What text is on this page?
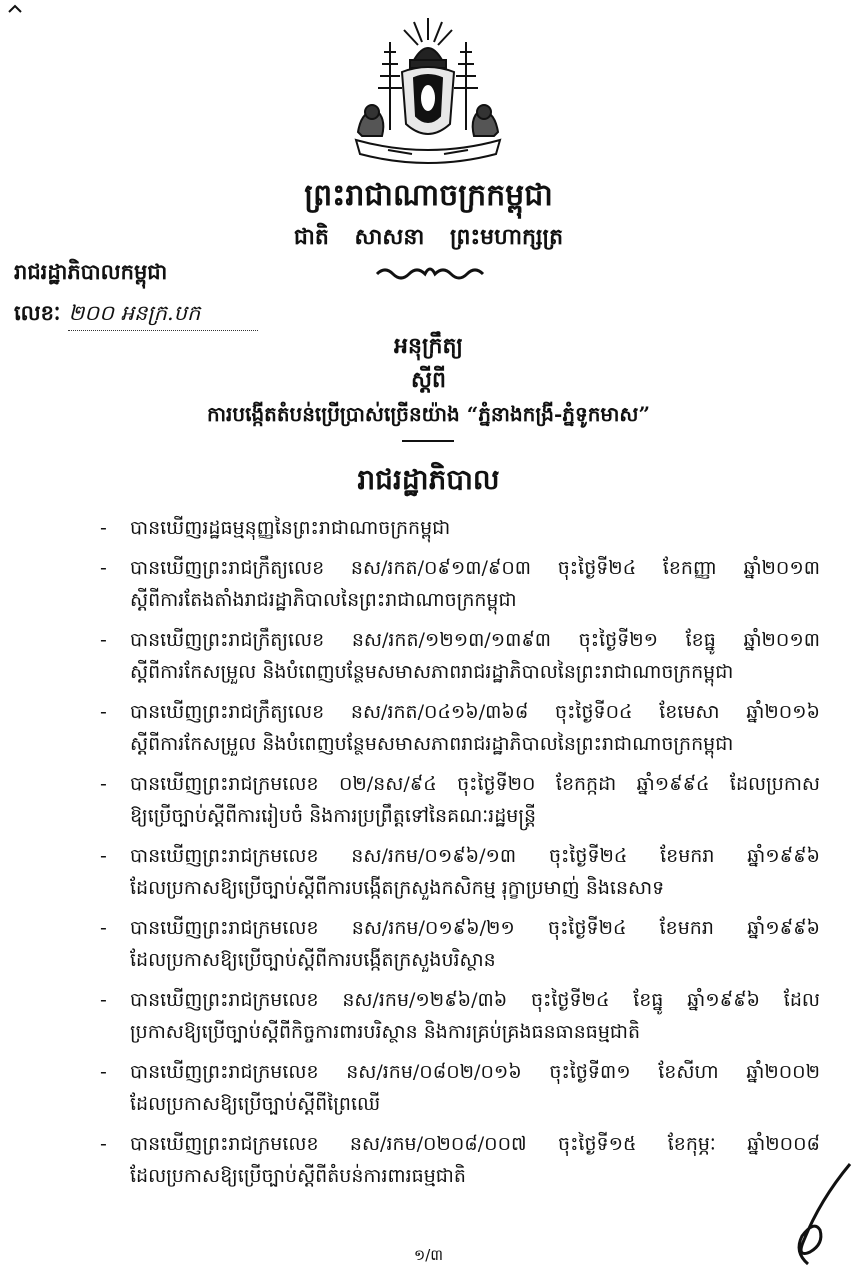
ព្រះរាជាណាចក្រកម្ពុជា
ជាតិ សាសនា ព្រះមហាក្សត្រ
រាជរដ្ឋាភិបាលកម្ពុជា
លេខៈ ២០០ អនក្រ.បក
អនុក្រឹត្យ
ស្តីពី
ការបង្កើតតំបន់ប្រើប្រាស់ច្រើនយ៉ាង “ភ្នំនាងកង្រី-ភ្នំទូកមាស”
រាជរដ្ឋាភិបាល
- បានឃើញរដ្ឋធម្មនុញ្ញនៃព្រះរាជាណាចក្រកម្ពុជា
- បានឃើញព្រះរាជក្រឹត្យលេខ នស/រកត/០៩១៣/៩០៣ ចុះថ្ងៃទី២៤ ខែកញ្ញា ឆ្នាំ២០១៣
ស្តីពីការតែងតាំងរាជរដ្ឋាភិបាលនៃព្រះរាជាណាចក្រកម្ពុជា
- បានឃើញព្រះរាជក្រឹត្យលេខ នស/រកត/១២១៣/១៣៩៣ ចុះថ្ងៃទី២១ ខែធ្នូ ឆ្នាំ២០១៣
ស្តីពីការកែសម្រួល និងបំពេញបន្ថែមសមាសភាពរាជរដ្ឋាភិបាលនៃព្រះរាជាណាចក្រកម្ពុជា
- បានឃើញព្រះរាជក្រឹត្យលេខ នស/រកត/០៤១៦/៣៦៨ ចុះថ្ងៃទី០៤ ខែមេសា ឆ្នាំ២០១៦
ស្តីពីការកែសម្រួល និងបំពេញបន្ថែមសមាសភាពរាជរដ្ឋាភិបាលនៃព្រះរាជាណាចក្រកម្ពុជា
- បានឃើញព្រះរាជក្រមលេខ ០២/នស/៩៤ ចុះថ្ងៃទី២០ ខែកក្កដា ឆ្នាំ១៩៩៤ ដែលប្រកាស
ឱ្យប្រើច្បាប់ស្តីពីការរៀបចំ និងការប្រព្រឹត្តទៅនៃគណៈរដ្ឋមន្ត្រី
- បានឃើញព្រះរាជក្រមលេខ នស/រកម/០១៩៦/១៣ ចុះថ្ងៃទី២៤ ខែមករា ឆ្នាំ១៩៩៦
ដែលប្រកាសឱ្យប្រើច្បាប់ស្តីពីការបង្កើតក្រសួងកសិកម្ម រុក្ខាប្រមាញ់ និងនេសាទ
- បានឃើញព្រះរាជក្រមលេខ នស/រកម/០១៩៦/២១ ចុះថ្ងៃទី២៤ ខែមករា ឆ្នាំ១៩៩៦
ដែលប្រកាសឱ្យប្រើច្បាប់ស្តីពីការបង្កើតក្រសួងបរិស្ថាន
- បានឃើញព្រះរាជក្រមលេខ នស/រកម/១២៩៦/៣៦ ចុះថ្ងៃទី២៤ ខែធ្នូ ឆ្នាំ១៩៩៦ ដែល
ប្រកាសឱ្យប្រើច្បាប់ស្តីពីកិច្ចការពារបរិស្ថាន និងការគ្រប់គ្រងធនធានធម្មជាតិ
- បានឃើញព្រះរាជក្រមលេខ នស/រកម/០៨០២/០១៦ ចុះថ្ងៃទី៣១ ខែសីហា ឆ្នាំ២០០២
ដែលប្រកាសឱ្យប្រើច្បាប់ស្តីពីព្រៃឈើ
- បានឃើញព្រះរាជក្រមលេខ នស/រកម/០២០៨/០០៧ ចុះថ្ងៃទី១៥ ខែកុម្ភៈ ឆ្នាំ២០០៨
ដែលប្រកាសឱ្យប្រើច្បាប់ស្តីពីតំបន់ការពារធម្មជាតិ
១/៣
